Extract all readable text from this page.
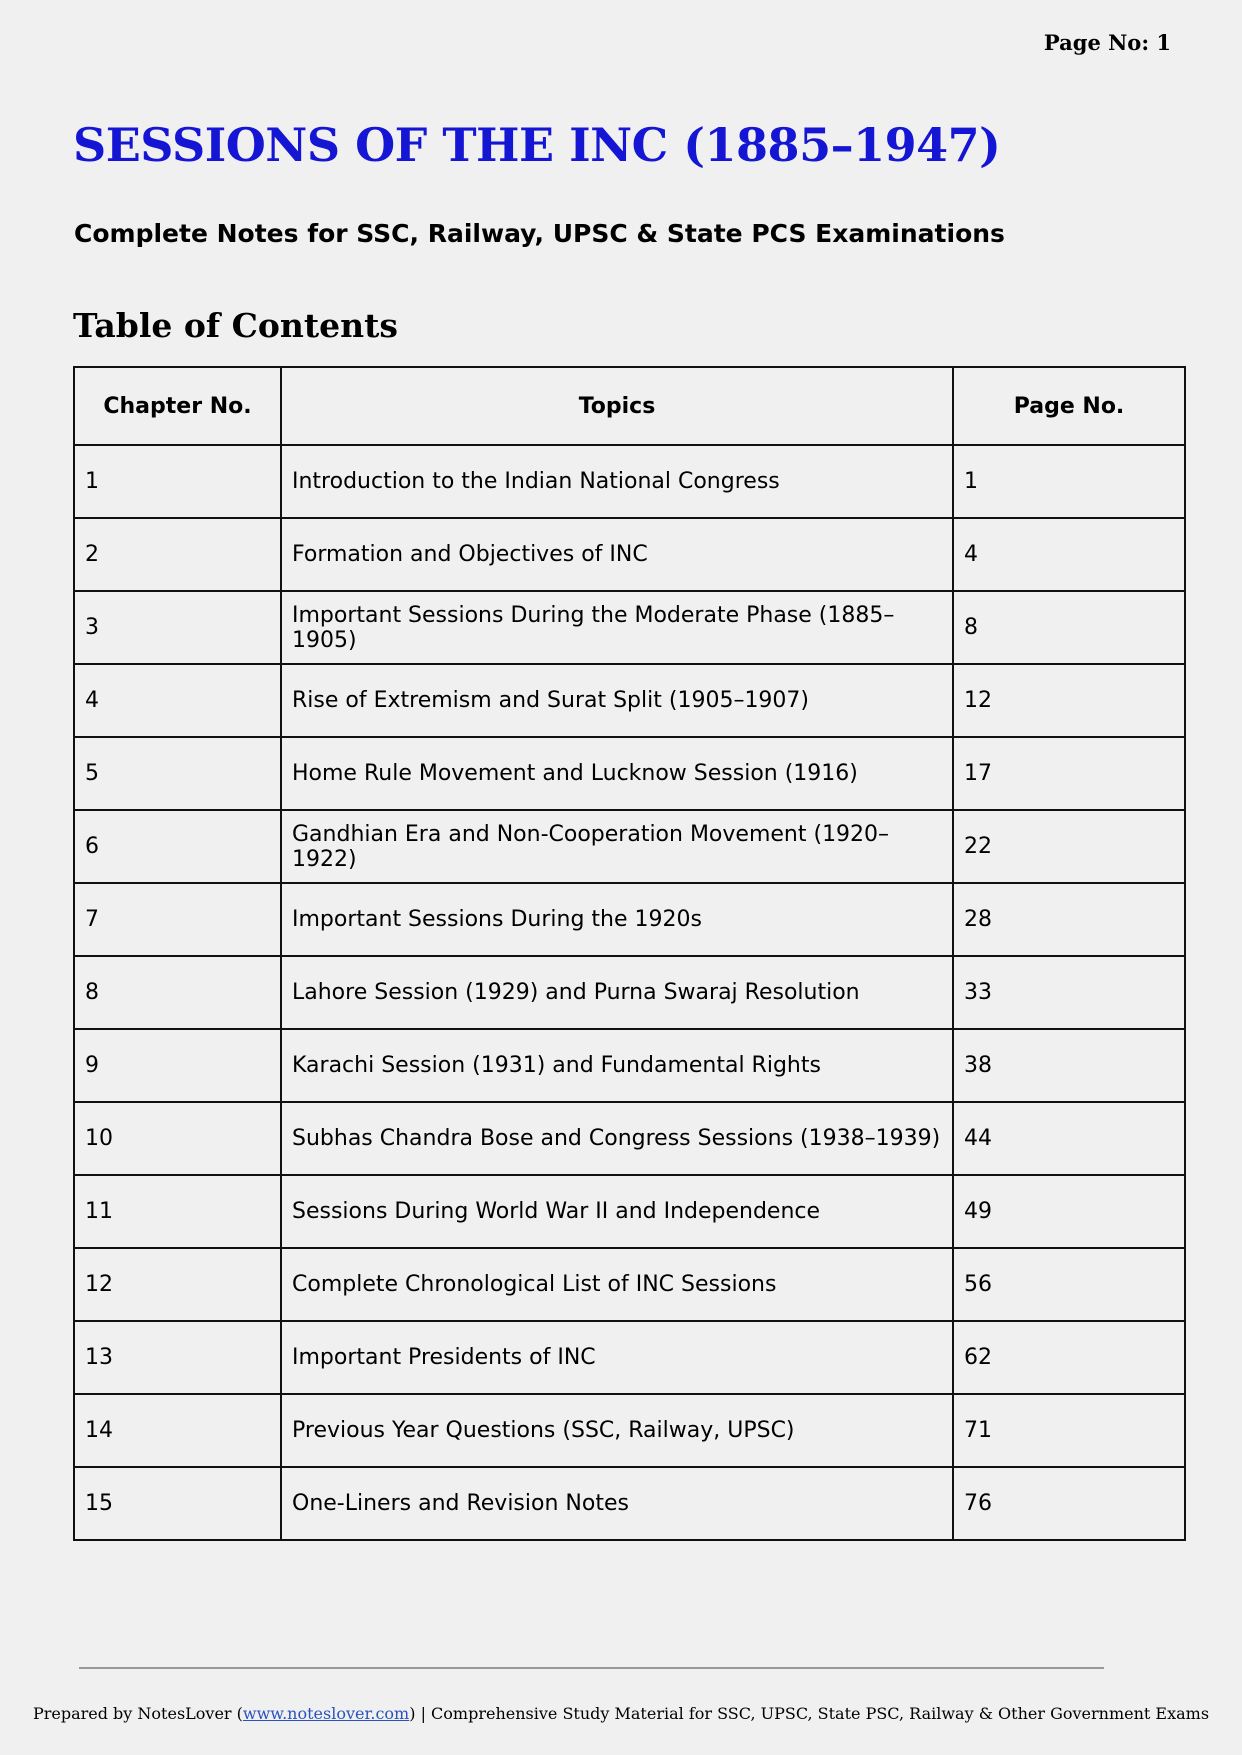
Page No: 1
SESSIONS OF THE INC (1885–1947)
Complete Notes for SSC, Railway, UPSC & State PCS Examinations
Table of Contents
Chapter No.	Topics	Page No.
1	Introduction to the Indian National Congress	1
2	Formation and Objectives of INC	4
3	Important Sessions During the Moderate Phase (1885–1905)	8
4	Rise of Extremism and Surat Split (1905–1907)	12
5	Home Rule Movement and Lucknow Session (1916)	17
6	Gandhian Era and Non-Cooperation Movement (1920–1922)	22
7	Important Sessions During the 1920s	28
8	Lahore Session (1929) and Purna Swaraj Resolution	33
9	Karachi Session (1931) and Fundamental Rights	38
10	Subhas Chandra Bose and Congress Sessions (1938–1939)	44
11	Sessions During World War II and Independence	49
12	Complete Chronological List of INC Sessions	56
13	Important Presidents of INC	62
14	Previous Year Questions (SSC, Railway, UPSC)	71
15	One-Liners and Revision Notes	76
Prepared by NotesLover (www.noteslover.com) | Comprehensive Study Material for SSC, UPSC, State PSC, Railway & Other Government Exams
